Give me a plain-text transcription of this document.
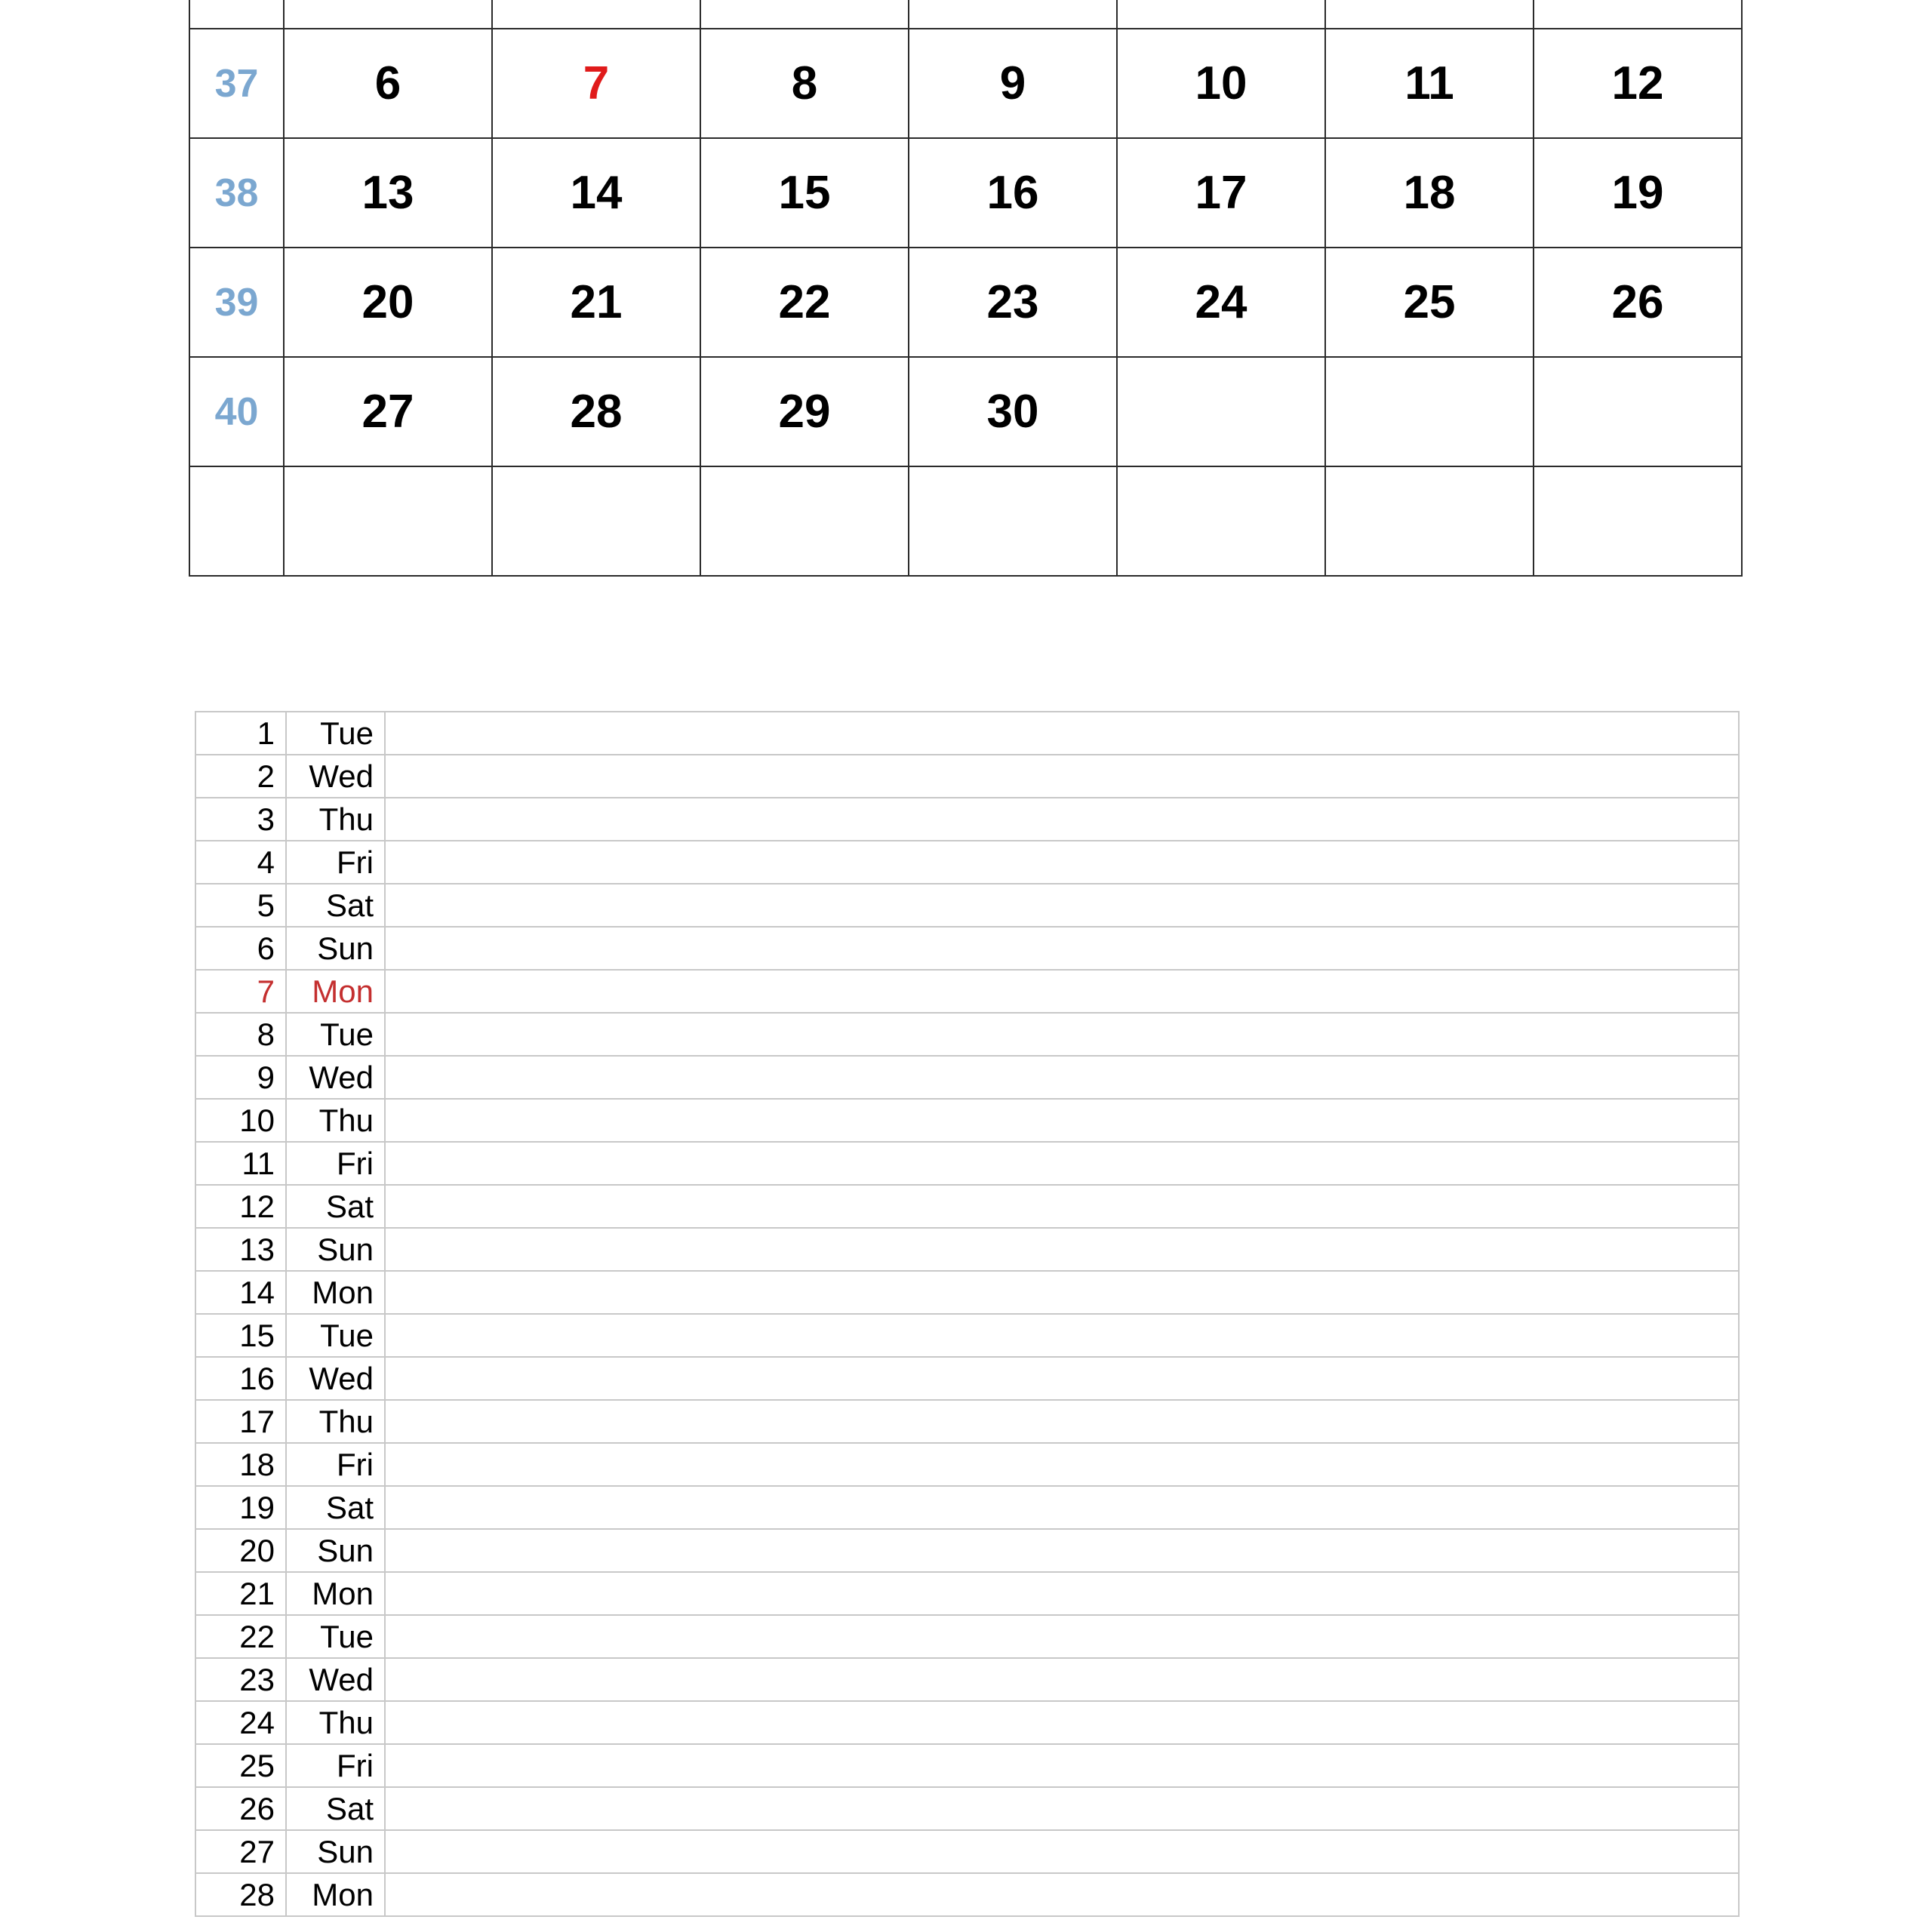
37	6	7	8	9	10	11	12

38	13	14	15	16	17	18	19

39	20	21	22	23	24	25	26

40	27	28	29	30			

1	Tue	
2	Wed	
3	Thu	
4	Fri	
5	Sat	
6	Sun	
7	Mon	
8	Tue	
9	Wed	
10	Thu	
11	Fri	
12	Sat	
13	Sun	
14	Mon	
15	Tue	
16	Wed	
17	Thu	
18	Fri	
19	Sat	
20	Sun	
21	Mon	
22	Tue	
23	Wed	
24	Thu	
25	Fri	
26	Sat	
27	Sun	
28	Mon	
